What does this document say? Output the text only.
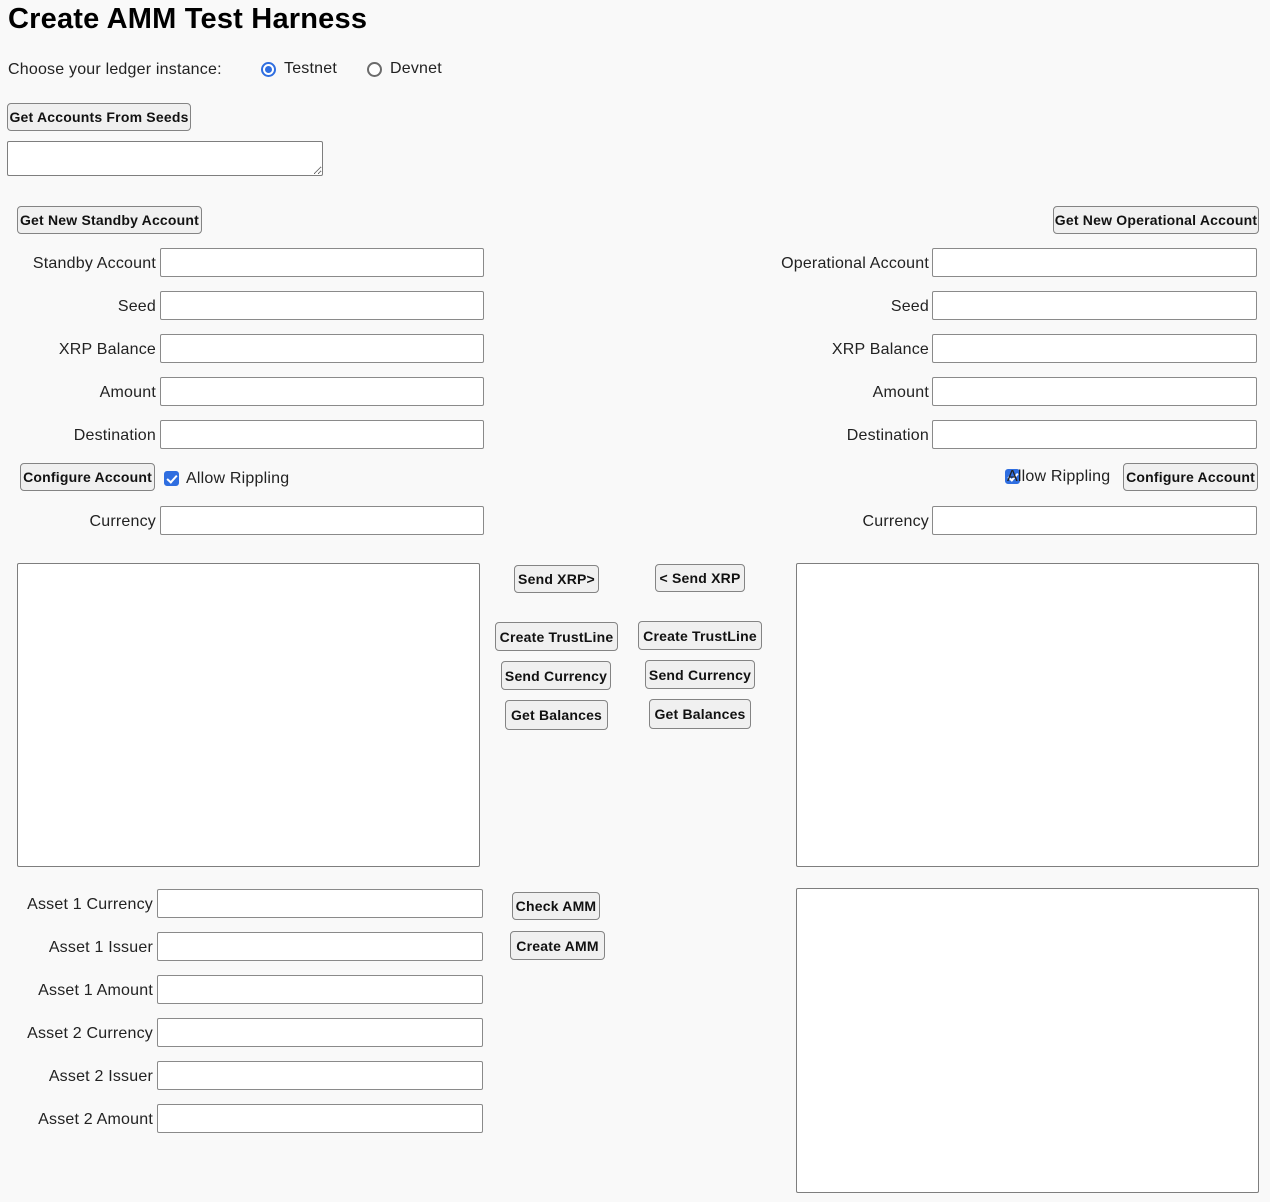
Create AMM Test Harness
Choose your ledger instance:	Testnet	Devnet
Get Accounts From Seeds
Get New Standby Account	Get New Operational Account
Standby Account
Seed
XRP Balance
Amount
Destination
Configure Account
Allow Rippling
Currency
Operational Account
Seed
XRP Balance
Amount
Destination
Allow Rippling Configure Account
Currency
Send XRP>
Create TrustLine
Send Currency
Get Balances
< Send XRP
Create TrustLine
Send Currency
Get Balances
Asset 1 Currency
Asset 1 Issuer
Asset 1 Amount
Asset 2 Currency
Asset 2 Issuer
Asset 2 Amount
Check AMM
Create AMM
